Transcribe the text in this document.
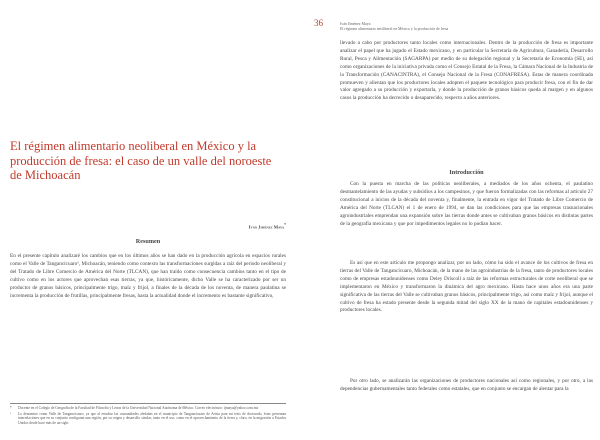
El régimen alimentario neoliberal en México y la producción de fresa: el caso de un valle del noroeste de Michoacán
Iván Jiménez Maya*
Resumen

En el presente capítulo analizaré los cambios que en los últimos años se han dado en la producción agrícola en espacios rurales como el Valle de Tangancícuaro¹, Michoacán, teniendo como contexto las transformaciones surgidas a raíz del periodo neoliberal y del Tratado de Libre Comercio de América del Norte (TLCAN), que han traído como consecuencia cambios tanto en el tipo de cultivo como en los actores que aprovechan esas tierras, ya que, históricamente, dicho Valle se ha caracterizado por ser un productor de granos básicos, principalmente trigo, maíz y frijol, a finales de la década de los noventa, de manera paulatina se incrementa la producción de frutillas, principalmente fresas, hasta la actualidad donde el incremento es bastante significativo,

* Docente en el Colegio de Geografía de la Facultad de Filosofía y Letras de la Universidad Nacional Autónoma de México. Correo electrónico: ijmaya@yahoo.com.mx

¹ Lo denomino como Valle de Tangancícuaro, ya que al estudiar las comunidades aledañas en el municipio de Tangancícuaro de Arista para mi tesis de doctorado, éstas presentan interrelaciones que en su conjunto configuran una región, por su origen y desarrollo similar, tanto en el uso, como en el aprovechamiento de la tierra y, claro, en la migración a Estados Unidos desde hace más de un siglo.

36	Iván Jiménez Maya
El régimen alimentario neoliberal en México y la producción de fresa

llevado a cabo por productores tanto locales como internacionales. Dentro de la producción de fresa es importante analizar el papel que ha jugado el Estado mexicano, y en particular la Secretaría de Agricultura, Ganadería, Desarrollo Rural, Pesca y Alimentación (SAGARPA) por medio de su delegación regional y la Secretaría de Economía (SE), así como organizaciones de la iniciativa privada como el Consejo Estatal de la Fresa, la Cámara Nacional de la Industria de la Transformación (CANACINTRA), el Consejo Nacional de la Fresa (CONAFRESA). Estas de manera coordinada promueven y alientan que los productores locales adopten el paquete tecnológico para producir fresa, con el fin de dar valor agregado a su producción y exportarla, y donde la producción de granos básicos queda al margen y en algunos casos la producción ha decrecido o desaparecido, respecto a años anteriores.

Introducción

Con la puesta en marcha de las políticas neoliberales, a mediados de los años ochenta, el paulatino desmantelamiento de las ayudas y subsidios a los campesinos, y que fueron formalizadas con las reformas al artículo 27 constitucional a inicios de la década del noventa y, finalmente, la entrada en vigor del Tratado de Libre Comercio de América del Norte (TLCAN) el 1 de enero de 1994, se dan las condiciones para que las empresas trasnacionales agroindustriales emprendan una expansión sobre las tierras donde antes se cultivaban granos básicos en distintas partes de la geografía mexicana y que por impedimentos legales no lo podían hacer.

Es así que en este artículo me propongo analizar, por un lado, cómo ha sido el avance de los cultivos de fresa en tierras del Valle de Tangancícuaro, Michoacán, de la mano de las agroindustrias de la fresa, tanto de productores locales como de empresas estadounidenses como Deley Driscoll a raíz de las reformas estructurales de corte neoliberal que se implementaron en México y transformaron la dinámica del agro mexicano. Hasta hace unos años era una parte significativa de las tierras del Valle se cultivaban granos básicos, principalmente trigo, así como maíz y frijol, aunque el cultivo de fresa ha estado presente desde la segunda mitad del siglo XX de la mano de capitales estadounidenses y productores locales.

Por otro lado, se analizarán las organizaciones de productores nacionales así como regionales, y por otro, a las dependencias gubernamentales tanto federales como estatales, que en conjunto se encargan de alentar para la
